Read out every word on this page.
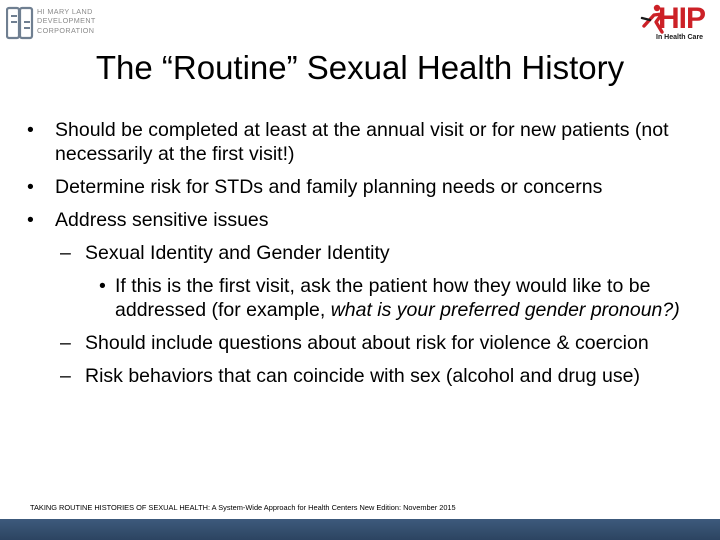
HI MARY LAND
DEVELOPMENT
CORPORATION	HIP
In Health Care
The “Routine” Sexual Health History
• Should be completed at least at the annual visit or for new patients (not necessarily at the first visit!)
• Determine risk for STDs and family planning needs or concerns
• Address sensitive issues
– Sexual Identity and Gender Identity
• If this is the first visit, ask the patient how they would like to be addressed (for example, what is your preferred gender pronoun?)
– Should include questions about about risk for violence & coercion
– Risk behaviors that can coincide with sex (alcohol and drug use)
TAKING ROUTINE HISTORIES OF SEXUAL HEALTH: A System-Wide Approach for Health Centers New Edition: November 2015
